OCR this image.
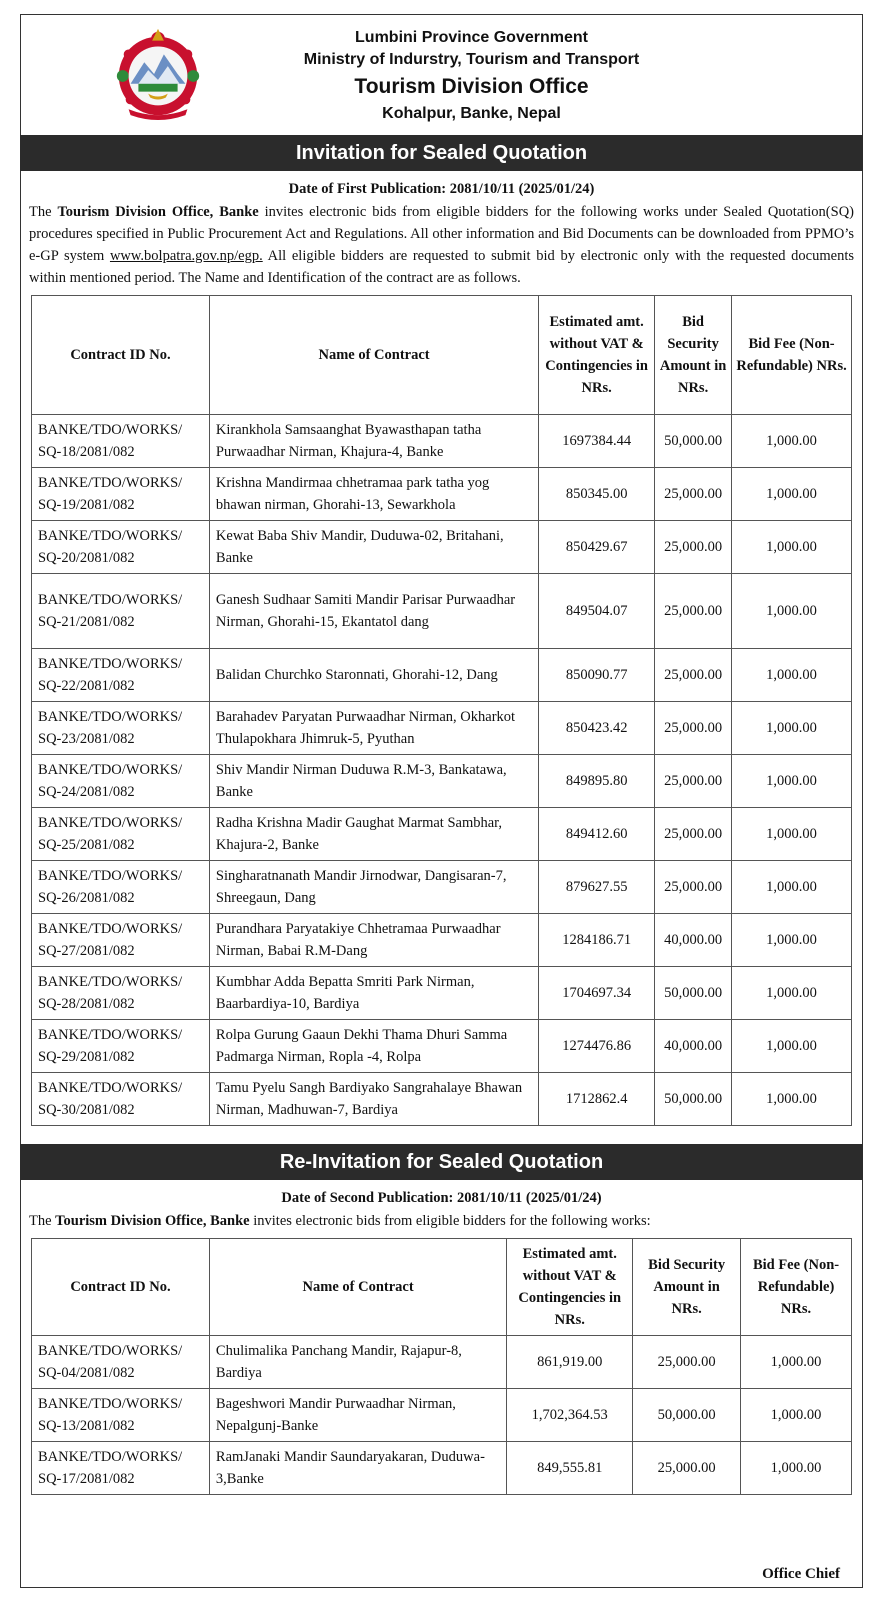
Lumbini Province Government
Ministry of Indurstry, Tourism and Transport
Tourism Division Office
Kohalpur, Banke, Nepal
Invitation for Sealed Quotation
Date of First Publication: 2081/10/11 (2025/01/24)
The Tourism Division Office, Banke invites electronic bids from eligible bidders for the following works under Sealed Quotation(SQ) procedures specified in Public Procurement Act and Regulations. All other information and Bid Documents can be downloaded from PPMO’s e-GP system www.bolpatra.gov.np/egp. All eligible bidders are requested to submit bid by electronic only with the requested documents within mentioned period. The Name and Identification of the contract are as follows.
Contract ID No.	Name of Contract	Estimated amt. without VAT & Contingencies in NRs.	Bid Security Amount in NRs.	Bid Fee (Non-Refundable) NRs.
BANKE/TDO/WORKS/ SQ-18/2081/082	Kirankhola Samsaanghat Byawasthapan tatha Purwaadhar Nirman, Khajura-4, Banke	1697384.44	50,000.00	1,000.00
BANKE/TDO/WORKS/ SQ-19/2081/082	Krishna Mandirmaa chhetramaa park tatha yog bhawan nirman, Ghorahi-13, Sewarkhola	850345.00	25,000.00	1,000.00
BANKE/TDO/WORKS/ SQ-20/2081/082	Kewat Baba Shiv Mandir, Duduwa-02, Britahani, Banke	850429.67	25,000.00	1,000.00
BANKE/TDO/WORKS/ SQ-21/2081/082	Ganesh Sudhaar Samiti Mandir Parisar Purwaadhar Nirman, Ghorahi-15, Ekantatol dang	849504.07	25,000.00	1,000.00
BANKE/TDO/WORKS/ SQ-22/2081/082	Balidan Churchko Staronnati, Ghorahi-12, Dang	850090.77	25,000.00	1,000.00
BANKE/TDO/WORKS/ SQ-23/2081/082	Barahadev Paryatan Purwaadhar Nirman, Okharkot Thulapokhara Jhimruk-5, Pyuthan	850423.42	25,000.00	1,000.00
BANKE/TDO/WORKS/ SQ-24/2081/082	Shiv Mandir Nirman Duduwa R.M-3, Bankatawa, Banke	849895.80	25,000.00	1,000.00
BANKE/TDO/WORKS/ SQ-25/2081/082	Radha Krishna Madir Gaughat Marmat Sambhar, Khajura-2, Banke	849412.60	25,000.00	1,000.00
BANKE/TDO/WORKS/ SQ-26/2081/082	Singharatnanath Mandir Jirnodwar, Dangisaran-7, Shreegaun, Dang	879627.55	25,000.00	1,000.00
BANKE/TDO/WORKS/ SQ-27/2081/082	Purandhara Paryatakiye Chhetramaa Purwaadhar Nirman, Babai R.M-Dang	1284186.71	40,000.00	1,000.00
BANKE/TDO/WORKS/ SQ-28/2081/082	Kumbhar Adda Bepatta Smriti Park Nirman, Baarbardiya-10, Bardiya	1704697.34	50,000.00	1,000.00
BANKE/TDO/WORKS/ SQ-29/2081/082	Rolpa Gurung Gaaun Dekhi Thama Dhuri Samma Padmarga Nirman, Ropla -4, Rolpa	1274476.86	40,000.00	1,000.00
BANKE/TDO/WORKS/ SQ-30/2081/082	Tamu Pyelu Sangh Bardiyako Sangrahalaye Bhawan Nirman, Madhuwan-7, Bardiya	1712862.4	50,000.00	1,000.00
Re-Invitation for Sealed Quotation
Date of Second Publication: 2081/10/11 (2025/01/24)
The Tourism Division Office, Banke invites electronic bids from eligible bidders for the following works:
Contract ID No.	Name of Contract	Estimated amt. without VAT & Contingencies in NRs.	Bid Security Amount in NRs.	Bid Fee (Non-Refundable) NRs.
BANKE/TDO/WORKS/ SQ-04/2081/082	Chulimalika Panchang Mandir, Rajapur-8, Bardiya	861,919.00	25,000.00	1,000.00
BANKE/TDO/WORKS/ SQ-13/2081/082	Bageshwori Mandir Purwaadhar Nirman, Nepalgunj-Banke	1,702,364.53	50,000.00	1,000.00
BANKE/TDO/WORKS/ SQ-17/2081/082	RamJanaki Mandir Saundaryakaran, Duduwa-3,Banke	849,555.81	25,000.00	1,000.00
Office Chief
